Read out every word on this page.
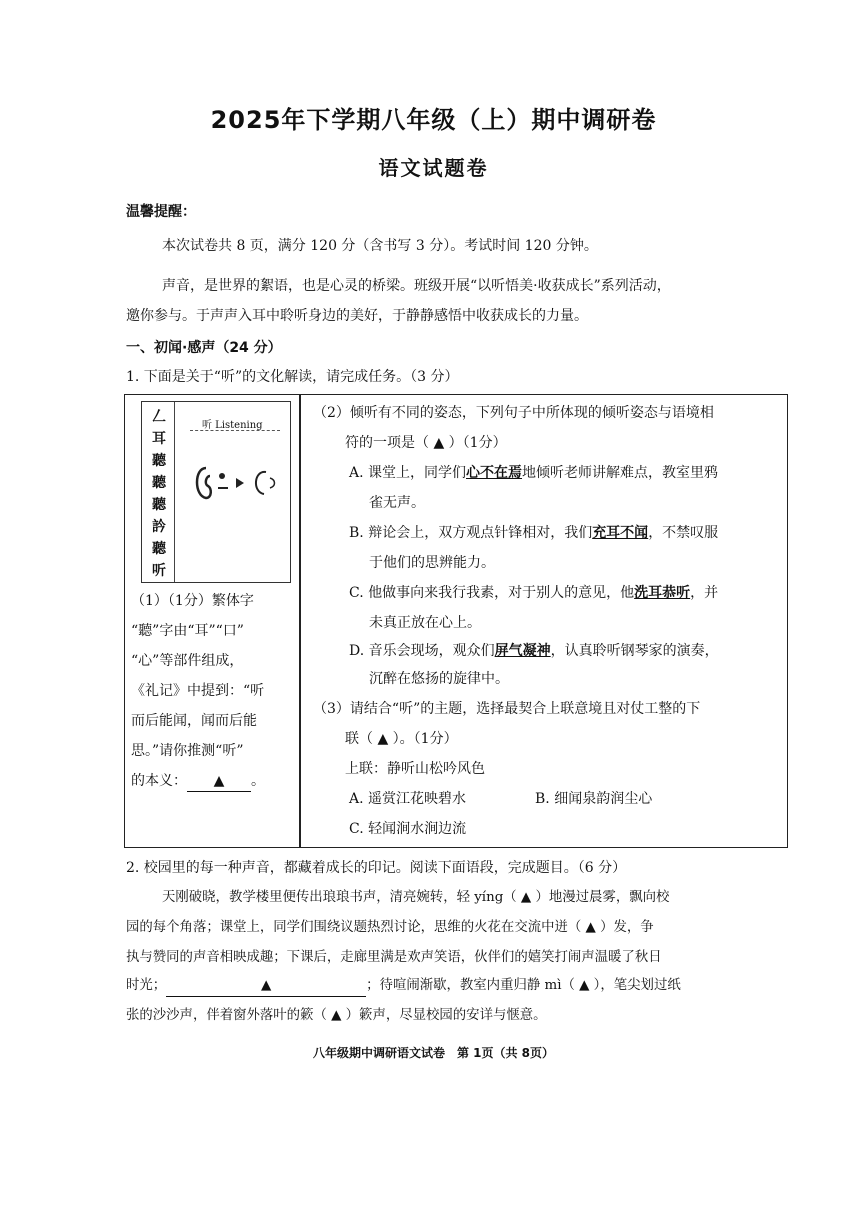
2025年下学期八年级（上）期中调研卷
语文试题卷
温馨提醒：
本次试卷共 8 页，满分 120 分（含书写 3 分）。考试时间 120 分钟。
声音，是世界的絮语，也是心灵的桥梁。班级开展“以听悟美·收获成长”系列活动，
邀你参与。于声声入耳中聆听身边的美好，于静静感悟中收获成长的力量。
一、初闻·感声（24 分）
1. 下面是关于“听”的文化解读，请完成任务。（3 分）
𠃋
耳
聽
聽
聽
訡
聽
听
听 Listening
（1）（1分）繁体字
“聽”字由“耳”“口”
“心”等部件组成，
《礼记》中提到：“听
而后能闻，闻而后能
思。”请你推测“听”
的本义： ▲ 。
（2）倾听有不同的姿态，下列句子中所体现的倾听姿态与语境相
符的一项是（ ▲ ）（1分）
A. 课堂上，同学们心不在焉地倾听老师讲解难点，教室里鸦
雀无声。
B. 辩论会上，双方观点针锋相对，我们充耳不闻，不禁叹服
于他们的思辨能力。
C. 他做事向来我行我素，对于别人的意见，他洗耳恭听，并
未真正放在心上。
D. 音乐会现场，观众们屏气凝神，认真聆听钢琴家的演奏，
沉醉在悠扬的旋律中。
（3）请结合“听”的主题，选择最契合上联意境且对仗工整的下
联（ ▲ ）。（1分）
上联：静听山松吟风色
A. 遥赏江花映碧水	B. 细闻泉韵润尘心
C. 轻闻涧水涧边流
2. 校园里的每一种声音，都藏着成长的印记。阅读下面语段，完成题目。（6 分）
天刚破晓，教学楼里便传出琅琅书声，清亮婉转，轻 yíng（ ▲ ）地漫过晨雾，飘向校
园的每个角落；课堂上，同学们围绕议题热烈讨论，思维的火花在交流中迸（ ▲ ）发，争
执与赞同的声音相映成趣；下课后，走廊里满是欢声笑语，伙伴们的嬉笑打闹声温暖了秋日
时光；	▲	；待喧闹渐歇，教室内重归静 mì（ ▲ ），笔尖划过纸
张的沙沙声，伴着窗外落叶的簌（ ▲ ）簌声，尽显校园的安详与惬意。
八年级期中调研语文试卷　第 1页（共 8页）
